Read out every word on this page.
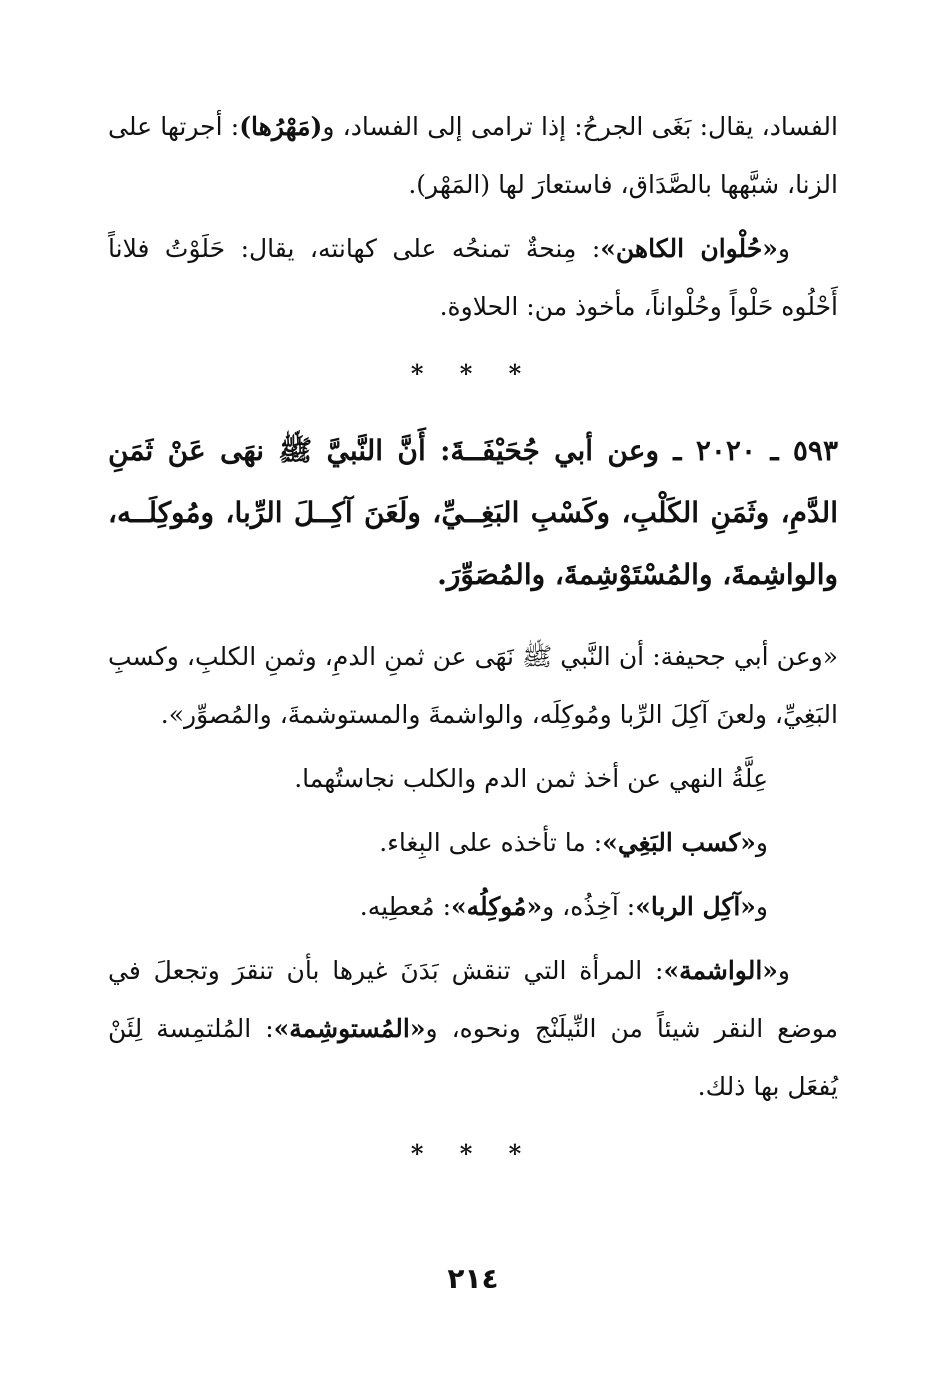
الفساد، يقال: بَغَى الجرحُ: إذا ترامى إلى الفساد، و(مَهْرُها): أجرتها على الزنا، شبَّهها بالصَّدَاق، فاستعارَ لها (المَهْر).

و«حُلْوان الكاهن»: مِنحةٌ تمنحُه على كهانته، يقال: حَلَوْتُ فلاناً أَحْلُوه حَلْواً وحُلْواناً، مأخوذ من: الحلاوة.

* * *

٥٩٣ ـ ٢٠٢٠ ـ وعن أبي جُحَيْفَــةَ: أَنَّ النَّبيَّ ﷺ نهَى عَنْ ثَمَنِ الدَّمِ، وثَمَنِ الكَلْبِ، وكَسْبِ البَغِــيِّ، ولَعَنَ آكِــلَ الرِّبا، ومُوكِلَــه، والواشِمةَ، والمُسْتَوْشِمةَ، والمُصَوِّرَ.

«وعن أبي جحيفة: أن النَّبي ﷺ نَهَى عن ثمنِ الدمِ، وثمنِ الكلبِ، وكسبِ البَغِيِّ، ولعنَ آكِلَ الرِّبا ومُوكِلَه، والواشمةَ والمستوشمةَ، والمُصوِّر».

عِلَّةُ النهي عن أخذ ثمن الدم والكلب نجاستُهما.

و«كسب البَغِي»: ما تأخذه على البِغاء.

و«آكِل الربا»: آخِذُه، و«مُوكِلُه»: مُعطِيه.

و«الواشمة»: المرأة التي تنقش بَدَنَ غيرها بأن تنقرَ وتجعلَ في موضع النقر شيئاً من النِّيلَنْج ونحوه، و«المُستوشِمة»: المُلتمِسة لِئَنْ يُفعَل بها ذلك.

* * *
٢١٤
